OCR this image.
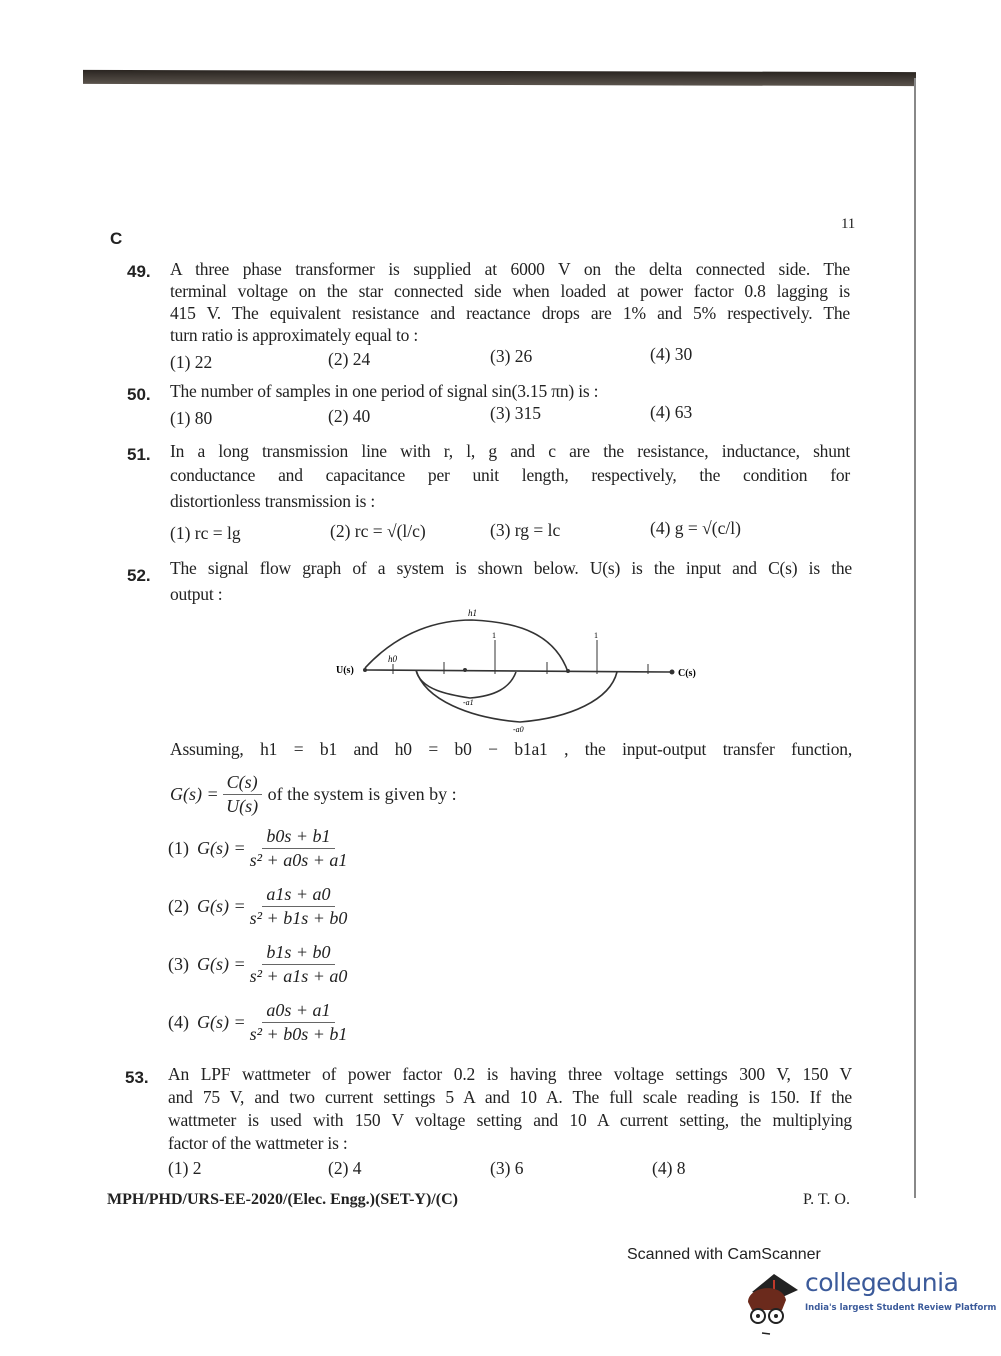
C
11
49. A three phase transformer is supplied at 6000 V on the delta connected side. The
terminal voltage on the star connected side when loaded at power factor 0.8 lagging is
415 V. The equivalent resistance and reactance drops are 1% and 5% respectively. The
turn ratio is approximately equal to :
(1) 22	(2) 24	(3) 26	(4) 30
50. The number of samples in one period of signal sin(3.15 πn) is :
(1) 80	(2) 40	(3) 315	(4) 63
51. In a long transmission line with r, l, g and c are the resistance, inductance, shunt
conductance and capacitance per unit length, respectively, the condition for
distortionless transmission is :
(1) rc = lg	(2) rc = √(l/c)	(3) rg = lc	(4) g = √(c/l)
52. The signal flow graph of a system is shown below. U(s) is the input and C(s) is the
output :
U(s)	C(s)
h1
h0
1	1
-a1
-a0
Assuming, h1 = b1 and h0 = b0 − b1a1 , the input-output transfer function,
$G(s) = \frac{C(s)}{U(s)}$ of the system is given by :
(1) $G(s) = \frac{b0s + b1}{\text{s² + a0s + a1}}$
(2) $G(s) = \frac{a1s + a0}{\text{s² + b1s + b0}}$
(3) $G(s) = \frac{b1s + b0}{\text{s² + a1s + a0}}$
(4) $G(s) = \frac{a0s + a1}{\text{s² + b0s + b1}}$
53. An LPF wattmeter of power factor 0.2 is having three voltage settings 300 V, 150 V
and 75 V, and two current settings 5 A and 10 A. The full scale reading is 150. If the
wattmeter is used with 150 V voltage setting and 10 A current setting, the multiplying
factor of the wattmeter is :
(1) 2	(2) 4	(3) 6	(4) 8
MPH/PHD/URS-EE-2020/(Elec. Engg.)(SET-Y)/(C)	P. T. O.
Scanned with CamScanner
collegedunia
India's largest Student Review Platform
